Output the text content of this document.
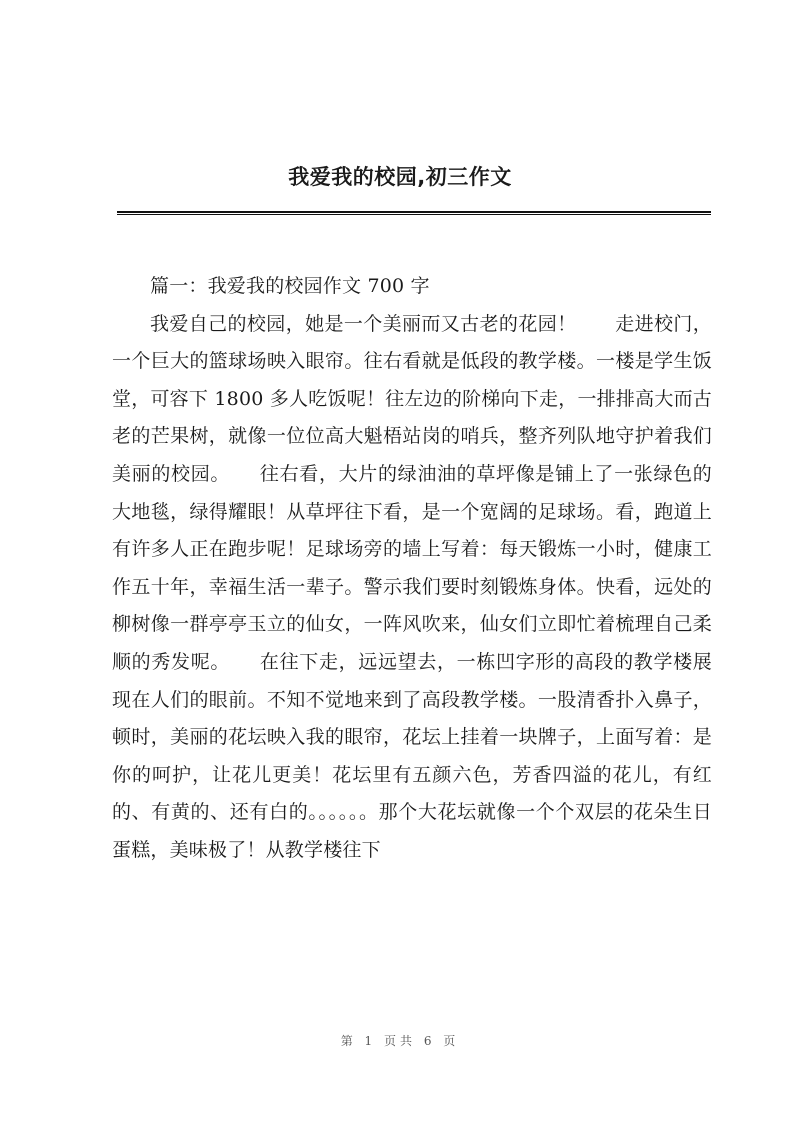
我爱我的校园,初三作文

篇一：我爱我的校园作文 700 字

我爱自己的校园，她是一个美丽而又古老的花园！　　走进校门，一个巨大的篮球场映入眼帘。往右看就是低段的教学楼。一楼是学生饭堂，可容下 1800 多人吃饭呢！往左边的阶梯向下走，一排排高大而古老的芒果树，就像一位位高大魁梧站岗的哨兵，整齐列队地守护着我们美丽的校园。　　往右看，大片的绿油油的草坪像是铺上了一张绿色的大地毯，绿得耀眼！从草坪往下看，是一个宽阔的足球场。看，跑道上有许多人正在跑步呢！足球场旁的墙上写着：每天锻炼一小时，健康工作五十年，幸福生活一辈子。警示我们要时刻锻炼身体。快看，远处的柳树像一群亭亭玉立的仙女，一阵风吹来，仙女们立即忙着梳理自己柔顺的秀发呢。　　在往下走，远远望去，一栋凹字形的高段的教学楼展现在人们的眼前。不知不觉地来到了高段教学楼。一股清香扑入鼻子，顿时，美丽的花坛映入我的眼帘，花坛上挂着一块牌子，上面写着：是你的呵护，让花儿更美！花坛里有五颜六色，芳香四溢的花儿，有红的、有黄的、还有白的。。。。。。那个大花坛就像一个个双层的花朵生日蛋糕，美味极了！从教学楼往下

第 1 页共 6 页
